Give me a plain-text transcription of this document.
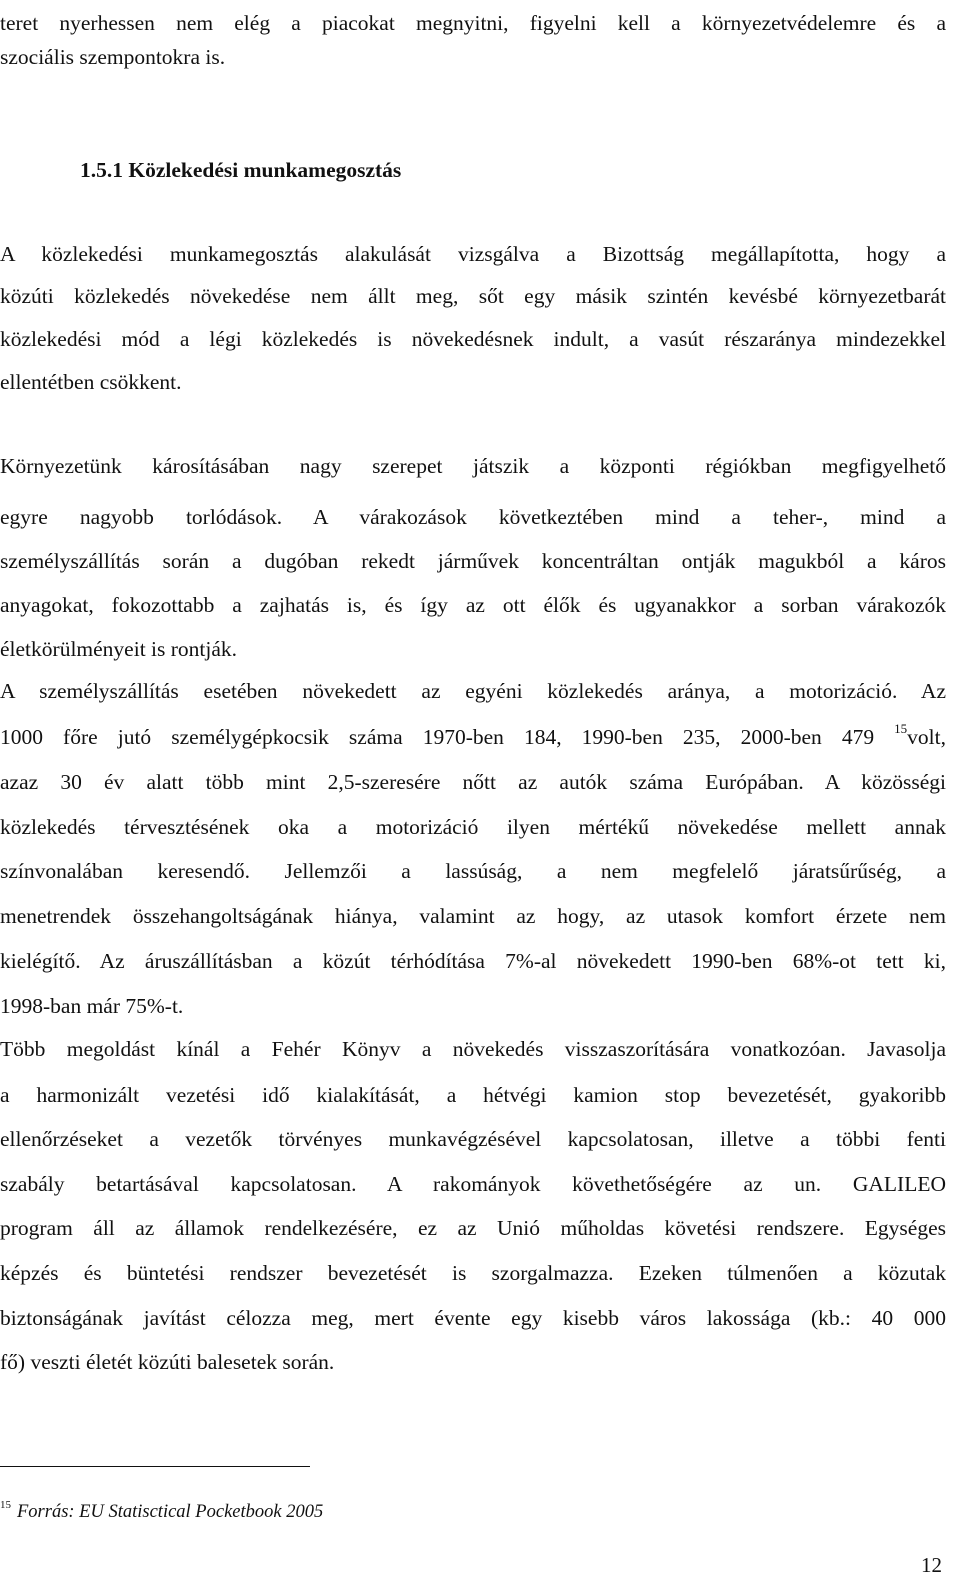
teret nyerhessen nem elég a piacokat megnyitni, figyelni kell a környezetvédelemre és a
szociális szempontokra is.
1.5.1 Közlekedési munkamegosztás
A közlekedési munkamegosztás alakulását vizsgálva a Bizottság megállapította, hogy a
közúti közlekedés növekedése nem állt meg, sőt egy másik szintén kevésbé környezetbarát
közlekedési mód a légi közlekedés is növekedésnek indult, a vasút részaránya mindezekkel
ellentétben csökkent.
Környezetünk károsításában nagy szerepet játszik a központi régiókban megfigyelhető
egyre nagyobb torlódások. A várakozások következtében mind a teher-, mind a
személyszállítás során a dugóban rekedt járművek koncentráltan ontják magukból a káros
anyagokat, fokozottabb a zajhatás is, és így az ott élők és ugyanakkor a sorban várakozók
életkörülményeit is rontják.
A személyszállítás esetében növekedett az egyéni közlekedés aránya, a motorizáció. Az
1000 főre jutó személygépkocsik száma 1970-ben 184, 1990-ben 235, 2000-ben 479 $^{15}$volt,
azaz 30 év alatt több mint 2,5-szeresére nőtt az autók száma Európában. A közösségi
közlekedés térvesztésének oka a motorizáció ilyen mértékű növekedése mellett annak
színvonalában keresendő. Jellemzői a lassúság, a nem megfelelő járatsűrűség, a
menetrendek összehangoltságának hiánya, valamint az hogy, az utasok komfort érzete nem
kielégítő. Az áruszállításban a közút térhódítása 7%-al növekedett 1990-ben 68%-ot tett ki,
1998-ban már 75%-t.
Több megoldást kínál a Fehér Könyv a növekedés visszaszorítására vonatkozóan. Javasolja
a harmonizált vezetési idő kialakítását, a hétvégi kamion stop bevezetését, gyakoribb
ellenőrzéseket a vezetők törvényes munkavégzésével kapcsolatosan, illetve a többi fenti
szabály betartásával kapcsolatosan. A rakományok követhetőségére az un. GALILEO
program áll az államok rendelkezésére, ez az Unió műholdas követési rendszere. Egységes
képzés és büntetési rendszer bevezetését is szorgalmazza. Ezeken túlmenően a közutak
biztonságának javítást célozza meg, mert évente egy kisebb város lakossága (kb.: 40 000
fő) veszti életét közúti balesetek során.
$^{15}$ Forrás: EU Statisctical Pocketbook 2005
12
